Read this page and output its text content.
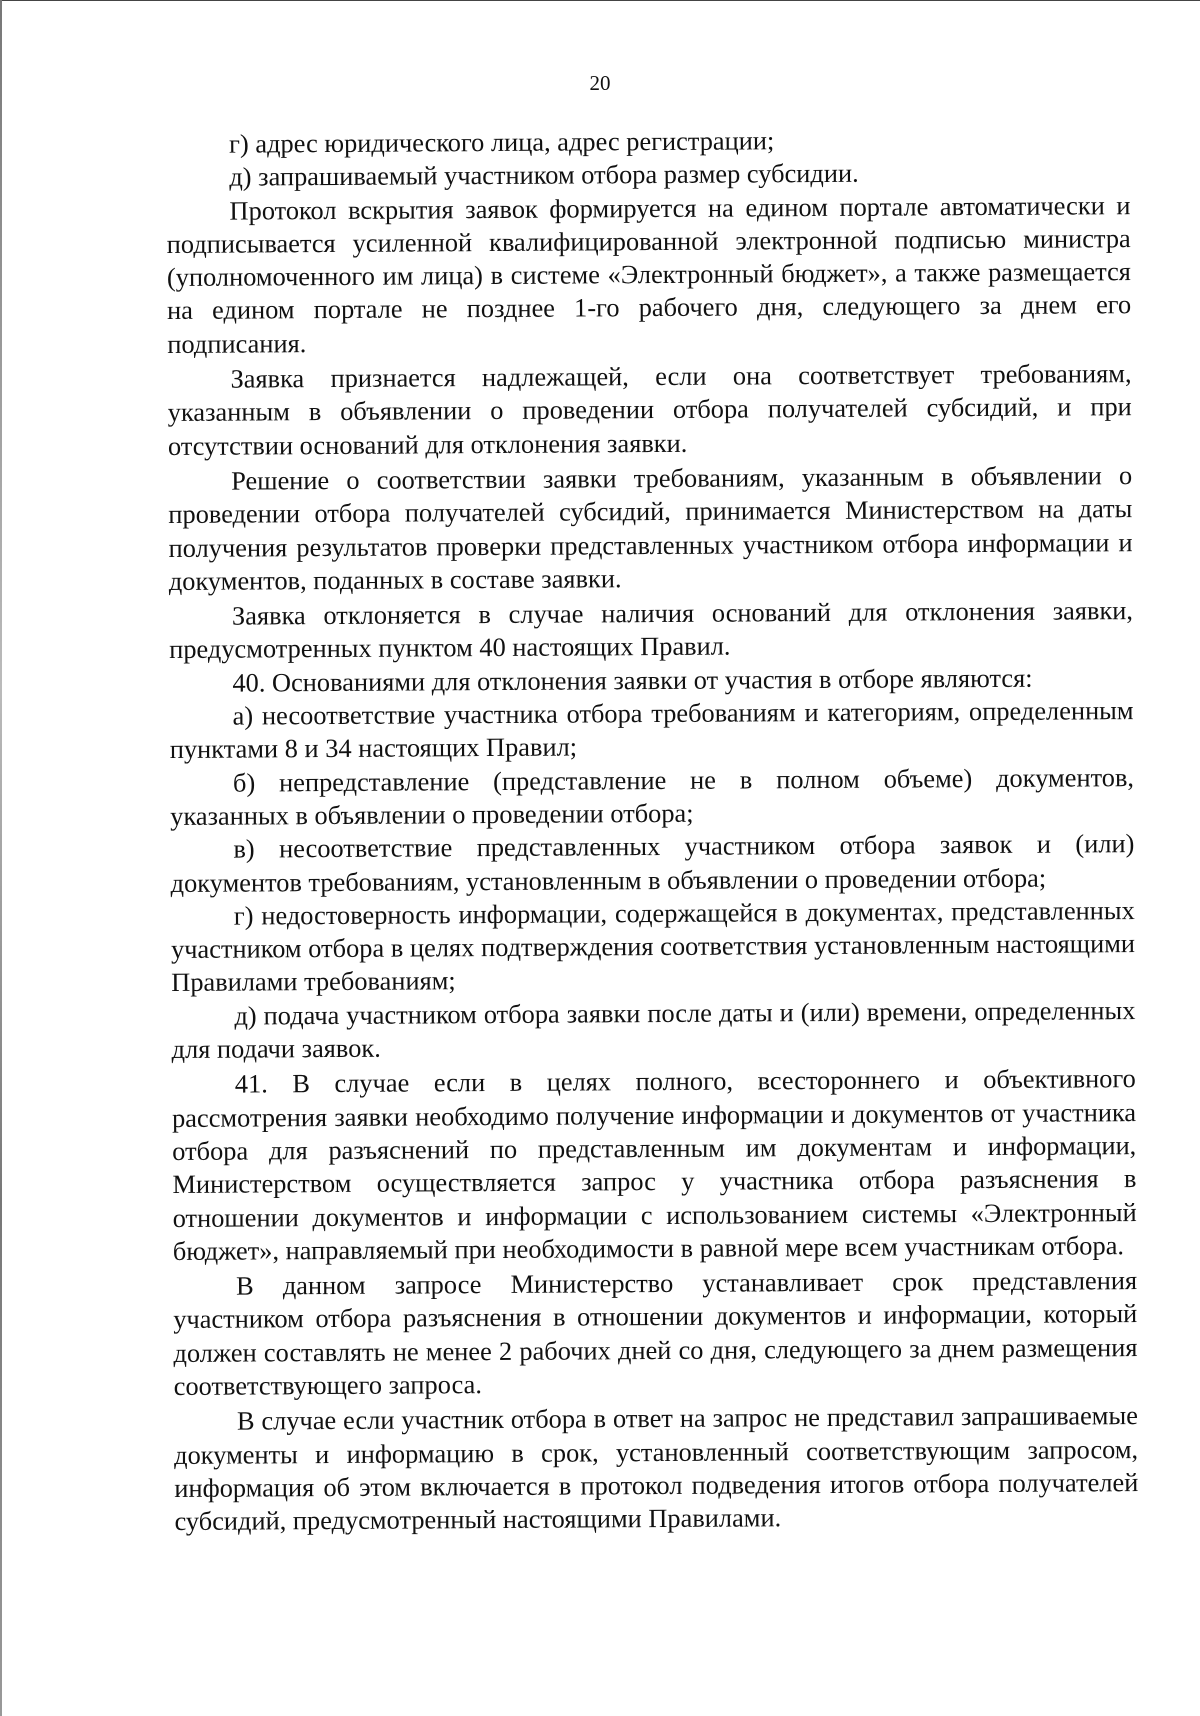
20

г) адрес юридического лица, адрес регистрации;

д) запрашиваемый участником отбора размер субсидии.

Протокол вскрытия заявок формируется на едином портале автоматически и подписывается усиленной квалифицированной электронной подписью министра (уполномоченного им лица) в системе «Электронный бюджет», а также размещается на едином портале не позднее 1-го рабочего дня, следующего за днем его подписания.

Заявка признается надлежащей, если она соответствует требованиям, указанным в объявлении о проведении отбора получателей субсидий, и при отсутствии оснований для отклонения заявки.

Решение о соответствии заявки требованиям, указанным в объявлении о проведении отбора получателей субсидий, принимается Министерством на даты получения результатов проверки представленных участником отбора информации и документов, поданных в составе заявки.

Заявка отклоняется в случае наличия оснований для отклонения заявки, предусмотренных пунктом 40 настоящих Правил.

40. Основаниями для отклонения заявки от участия в отборе являются:

а) несоответствие участника отбора требованиям и категориям, определенным пунктами 8 и 34 настоящих Правил;

б) непредставление (представление не в полном объеме) документов, указанных в объявлении о проведении отбора;

в) несоответствие представленных участником отбора заявок и (или) документов требованиям, установленным в объявлении о проведении отбора;

г) недостоверность информации, содержащейся в документах, представленных участником отбора в целях подтверждения соответствия установленным настоящими Правилами требованиям;

д) подача участником отбора заявки после даты и (или) времени, определенных для подачи заявок.

41. В случае если в целях полного, всестороннего и объективного рассмотрения заявки необходимо получение информации и документов от участника отбора для разъяснений по представленным им документам и информации, Министерством осуществляется запрос у участника отбора разъяснения в отношении документов и информации с использованием системы «Электронный бюджет», направляемый при необходимости в равной мере всем участникам отбора.

В данном запросе Министерство устанавливает срок представления участником отбора разъяснения в отношении документов и информации, который должен составлять не менее 2 рабочих дней со дня, следующего за днем размещения соответствующего запроса.

В случае если участник отбора в ответ на запрос не представил запрашиваемые документы и информацию в срок, установленный соответствующим запросом, информация об этом включается в протокол подведения итогов отбора получателей субсидий, предусмотренный настоящими Правилами.
